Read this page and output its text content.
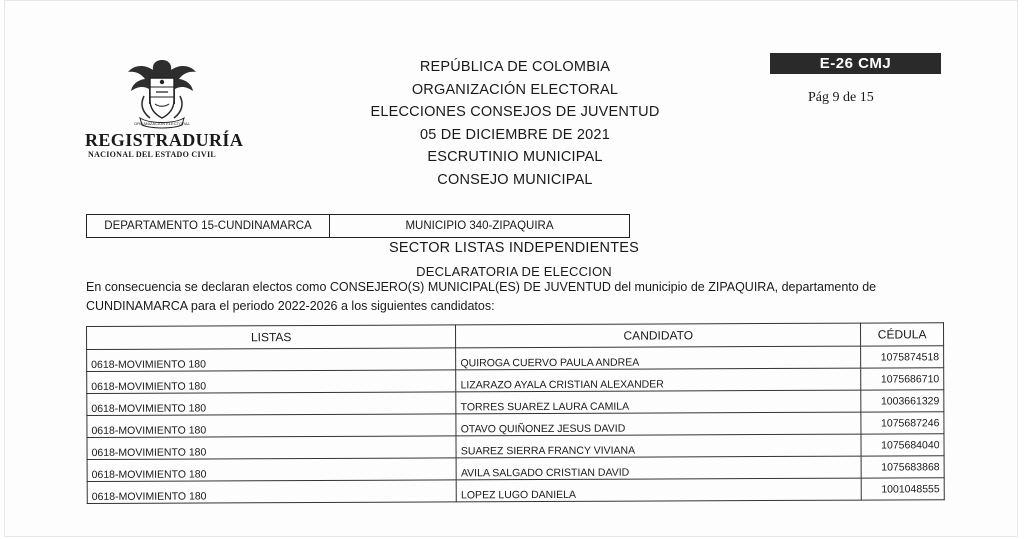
ORGANIZACIÓN ELECTORAL
REGISTRADURÍA
NACIONAL DEL ESTADO CIVIL
REPÚBLICA DE COLOMBIA
ORGANIZACIÓN ELECTORAL
ELECCIONES CONSEJOS DE JUVENTUD
05 DE DICIEMBRE DE 2021
ESCRUTINIO MUNICIPAL
CONSEJO MUNICIPAL
E-26 CMJ
Pág 9 de 15
DEPARTAMENTO 15-CUNDINAMARCA	MUNICIPIO 340-ZIPAQUIRA
SECTOR LISTAS INDEPENDIENTES
DECLARATORIA DE ELECCION
En consecuencia se declaran electos como CONSEJERO(S) MUNICIPAL(ES) DE JUVENTUD del municipio de ZIPAQUIRA, departamento de
CUNDINAMARCA para el periodo 2022-2026 a los siguientes candidatos:
LISTAS	CANDIDATO	CÉDULA
0618-MOVIMIENTO 180	QUIROGA CUERVO PAULA ANDREA	1075874518
0618-MOVIMIENTO 180	LIZARAZO AYALA CRISTIAN ALEXANDER	1075686710
0618-MOVIMIENTO 180	TORRES SUAREZ LAURA CAMILA	1003661329
0618-MOVIMIENTO 180	OTAVO QUIÑONEZ JESUS DAVID	1075687246
0618-MOVIMIENTO 180	SUAREZ SIERRA FRANCY VIVIANA	1075684040
0618-MOVIMIENTO 180	AVILA SALGADO CRISTIAN DAVID	1075683868
0618-MOVIMIENTO 180	LOPEZ LUGO DANIELA	1001048555
